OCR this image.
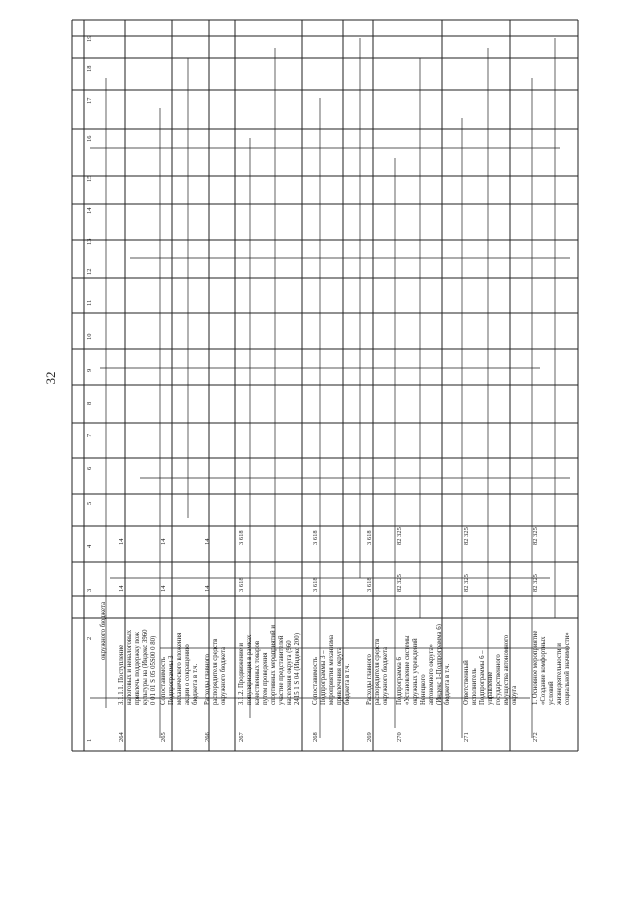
32
1
2
3
4
5
6
7
8
9
10
11
12
13
14
15
16
17
18
19
окружного бюджета
264
3.1.1.1. Поступление
налоговых и неналоговых
привлечь поддержку пож
культуры на (Индекс 3960
0 01 01 S 05 05S00 0 80)
14
14
265
Сопоставимость
Подпрограммы 3
механического вложения
акции о сокращению
бюджета в т.ч.
14
14
266
Расходы главного
распорядителя средств
окружного бюджета
14
14
267
3.1.2. Продвижение и
популяризация в рамках
качественных товаров
путем проведения
спортивных мероприятий и
участие представителей
населения округа (960
2415 1 S 04 (Индекс 200)
3 618
3 618
268
Сопоставимость
Подпрограммы 3 –
мероприятия механизма
привлечения округа
бюджета в т.ч.
3 618
3 618
269
Расходы главного
распорядителя средств
окружного бюджета
3 618
3 618
270
Подпрограмма 6
«Установление системы
окружных учреждений
Ненецкого
автономного округа»
(Индекс 1-Подпрограмма 6)
бюджета в т.ч.
82 325
82 325
271
Ответственный
исполнитель
Подпрограммы 6 –
управление
государственного
имущества автономного
округа
82 325
82 325
272
1. Основное мероприятие
«Создание комфортных
условий
жизнедеятельности и
социальной значимости»
82 325
82 325
